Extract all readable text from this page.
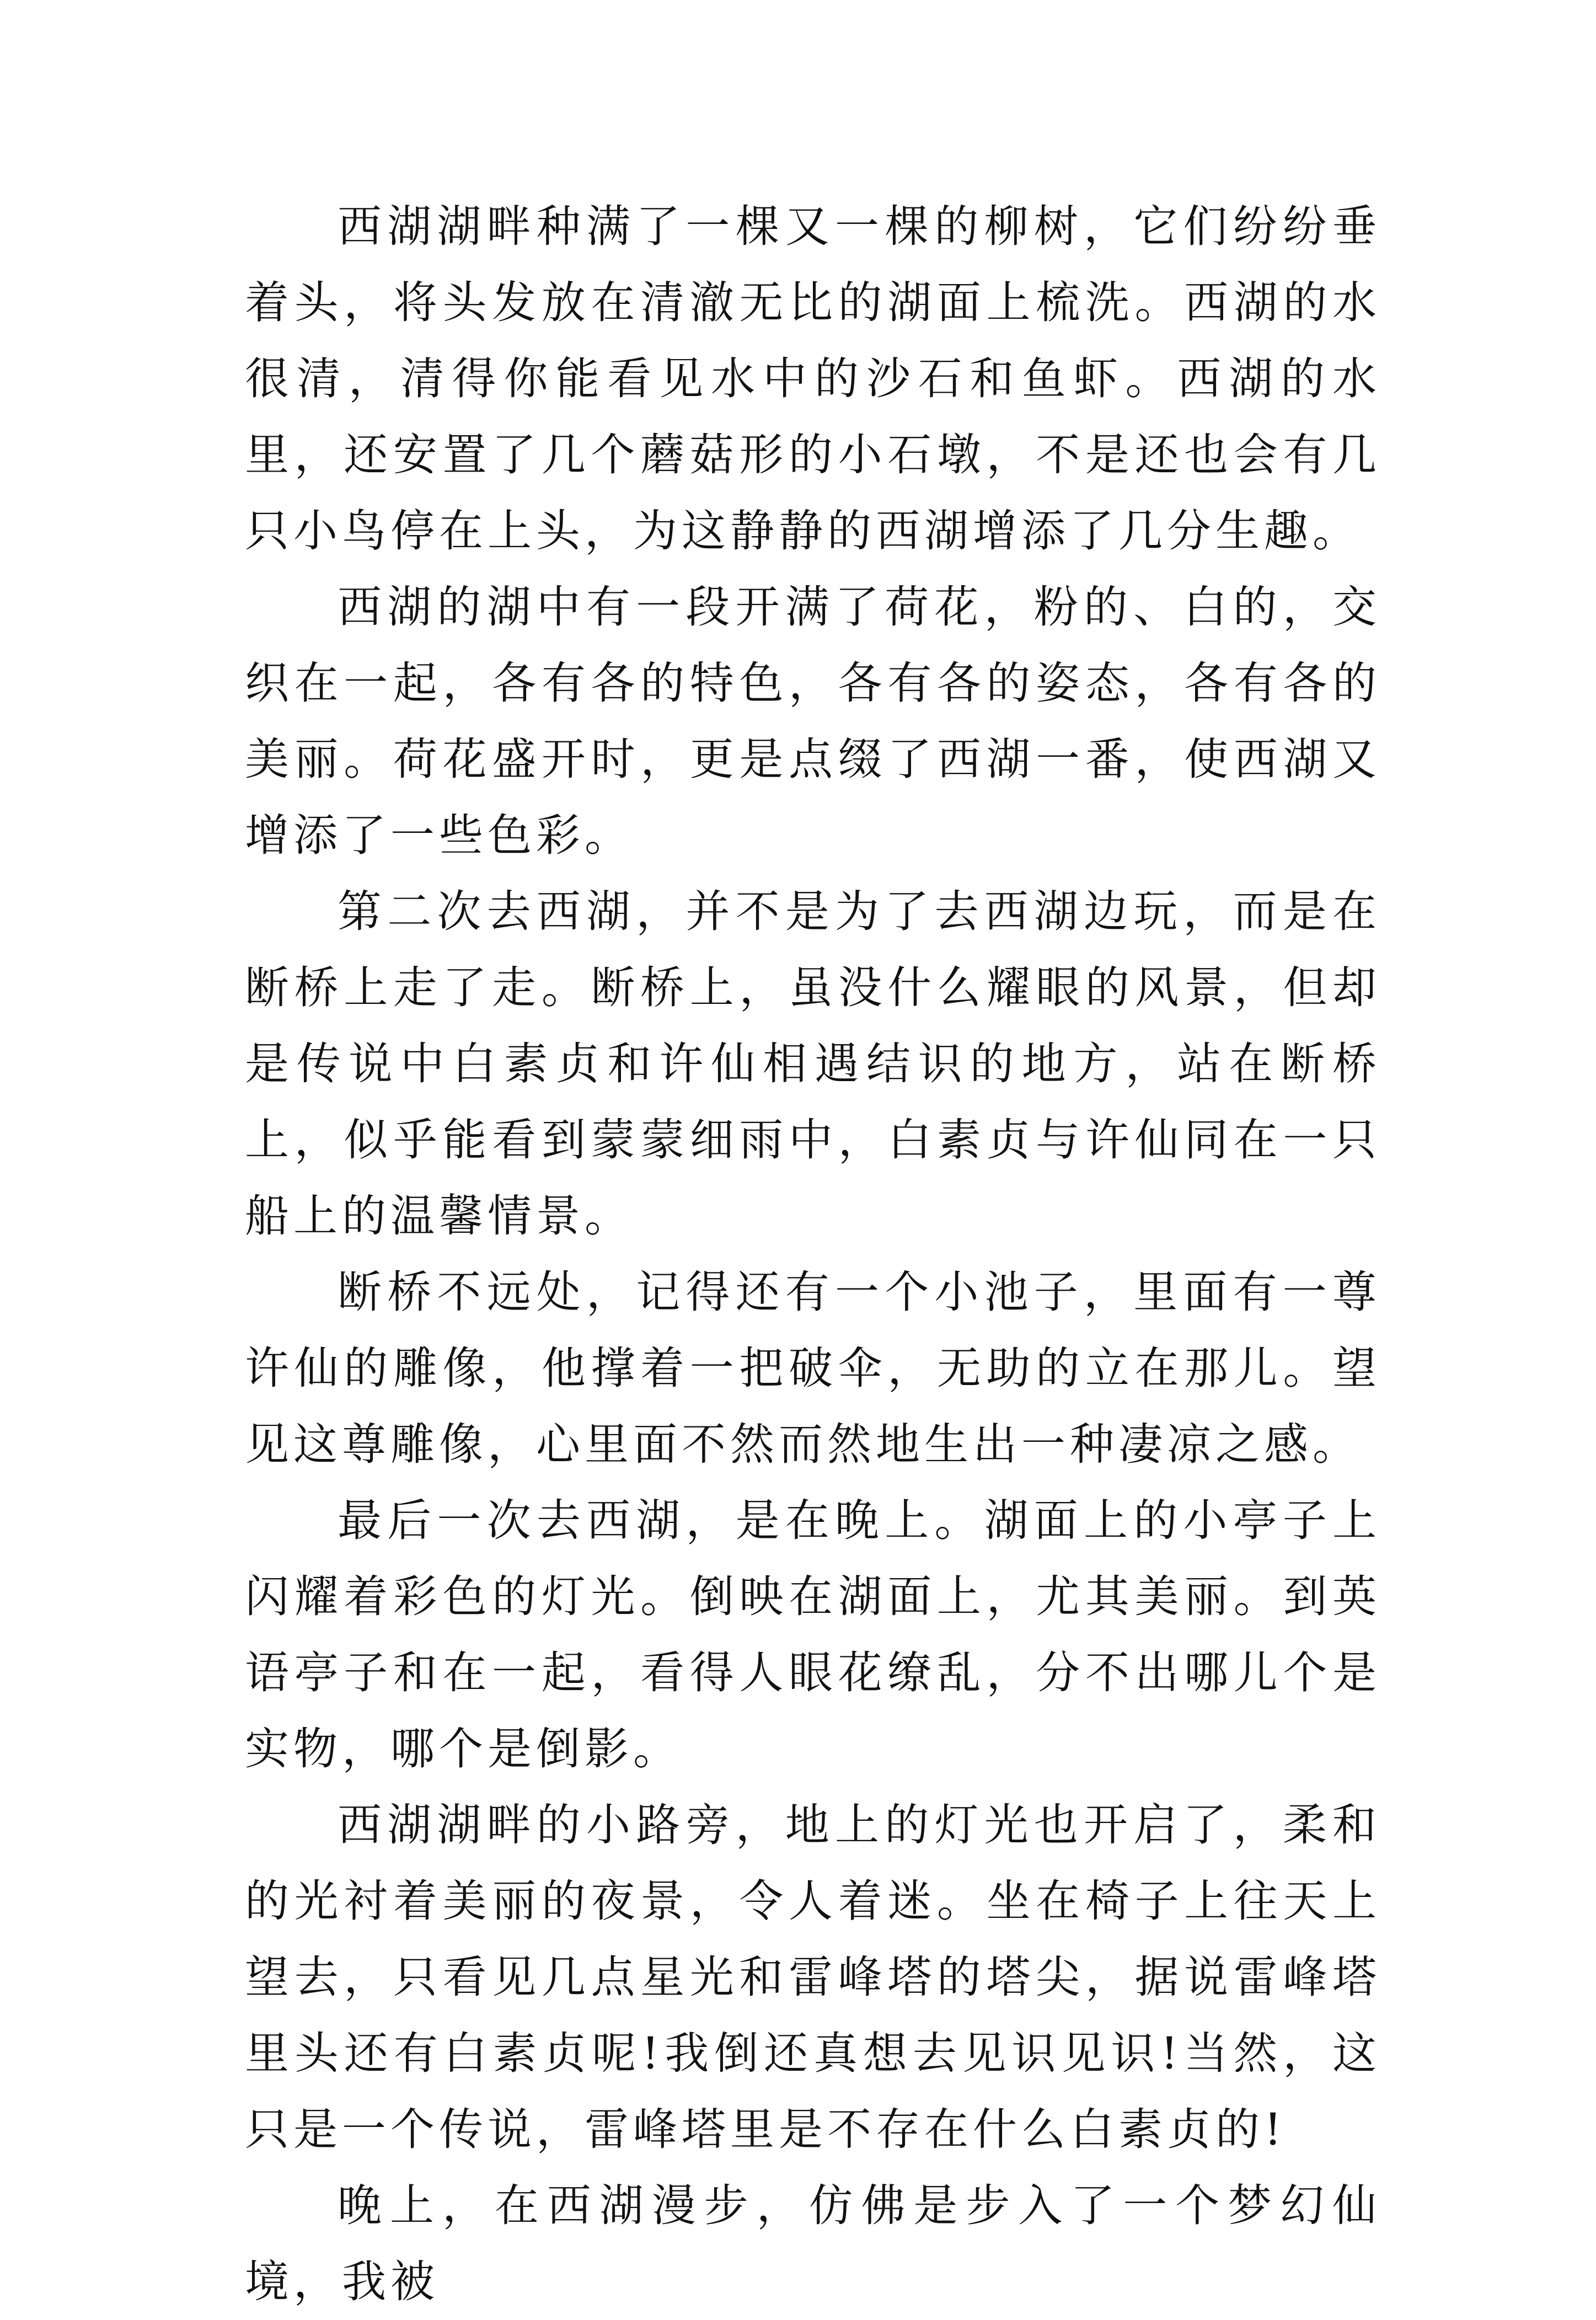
西湖湖畔种满了一棵又一棵的柳树，它们纷纷垂着头，将头发放在清澈无比的湖面上梳洗。西湖的水很清，清得你能看见水中的沙石和鱼虾。西湖的水里，还安置了几个蘑菇形的小石墩，不是还也会有几只小鸟停在上头，为这静静的西湖增添了几分生趣。

西湖的湖中有一段开满了荷花，粉的、白的，交织在一起，各有各的特色，各有各的姿态，各有各的美丽。荷花盛开时，更是点缀了西湖一番，使西湖又增添了一些色彩。

第二次去西湖，并不是为了去西湖边玩，而是在断桥上走了走。断桥上，虽没什么耀眼的风景，但却是传说中白素贞和许仙相遇结识的地方，站在断桥上，似乎能看到蒙蒙细雨中，白素贞与许仙同在一只船上的温馨情景。

断桥不远处，记得还有一个小池子，里面有一尊许仙的雕像，他撑着一把破伞，无助的立在那儿。望见这尊雕像，心里面不然而然地生出一种凄凉之感。

最后一次去西湖，是在晚上。湖面上的小亭子上闪耀着彩色的灯光。倒映在湖面上，尤其美丽。到英语亭子和在一起，看得人眼花缭乱，分不出哪儿个是实物，哪个是倒影。

西湖湖畔的小路旁，地上的灯光也开启了，柔和的光衬着美丽的夜景，令人着迷。坐在椅子上往天上望去，只看见几点星光和雷峰塔的塔尖，据说雷峰塔里头还有白素贞呢!我倒还真想去见识见识!当然，这只是一个传说，雷峰塔里是不存在什么白素贞的!

晚上，在西湖漫步，仿佛是步入了一个梦幻仙境，我被
